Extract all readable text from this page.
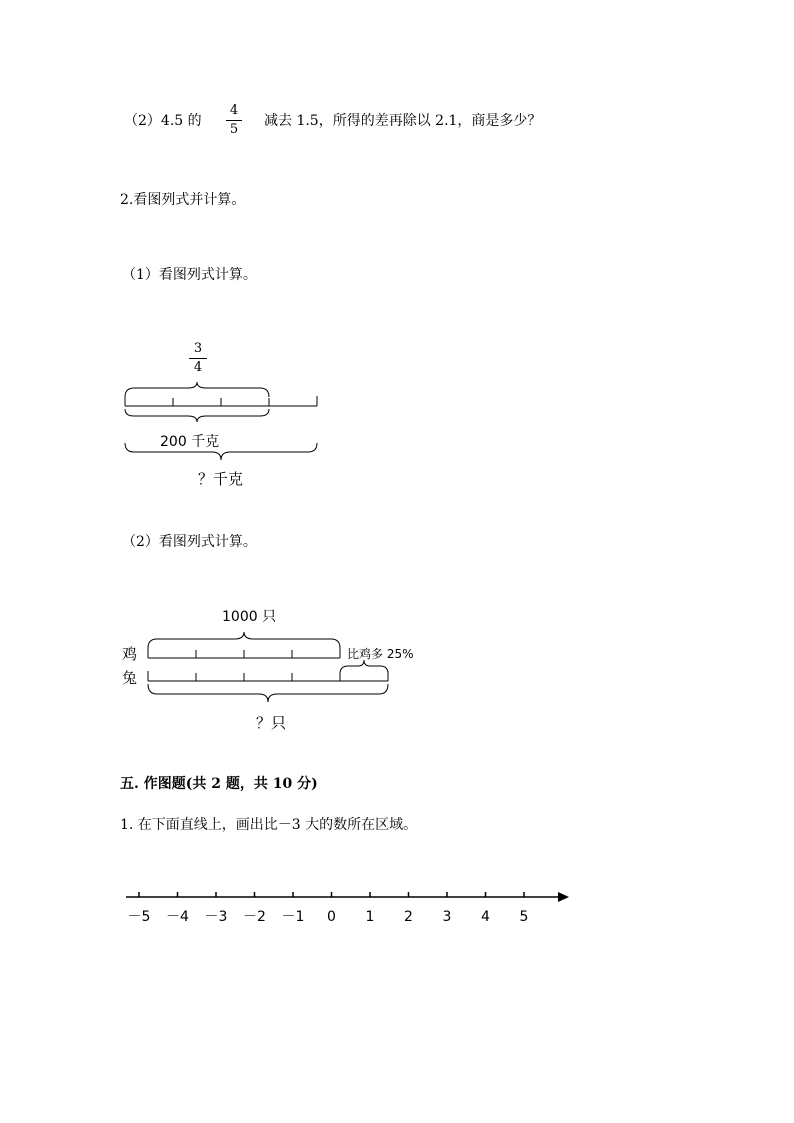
（2）4.5 的
4
5
减去 1.5，所得的差再除以 2.1，商是多少？
2.看图列式并计算。
（1）看图列式计算。
3
4
200 千克
？千克
（2）看图列式计算。
1000 只
鸡
兔
比鸡多 25%
？只
五. 作图题(共 2 题，共 10 分)
1. 在下面直线上，画出比－3 大的数所在区域。
－5 －4 －3 －2 －1 0 1 2 3 4 5
